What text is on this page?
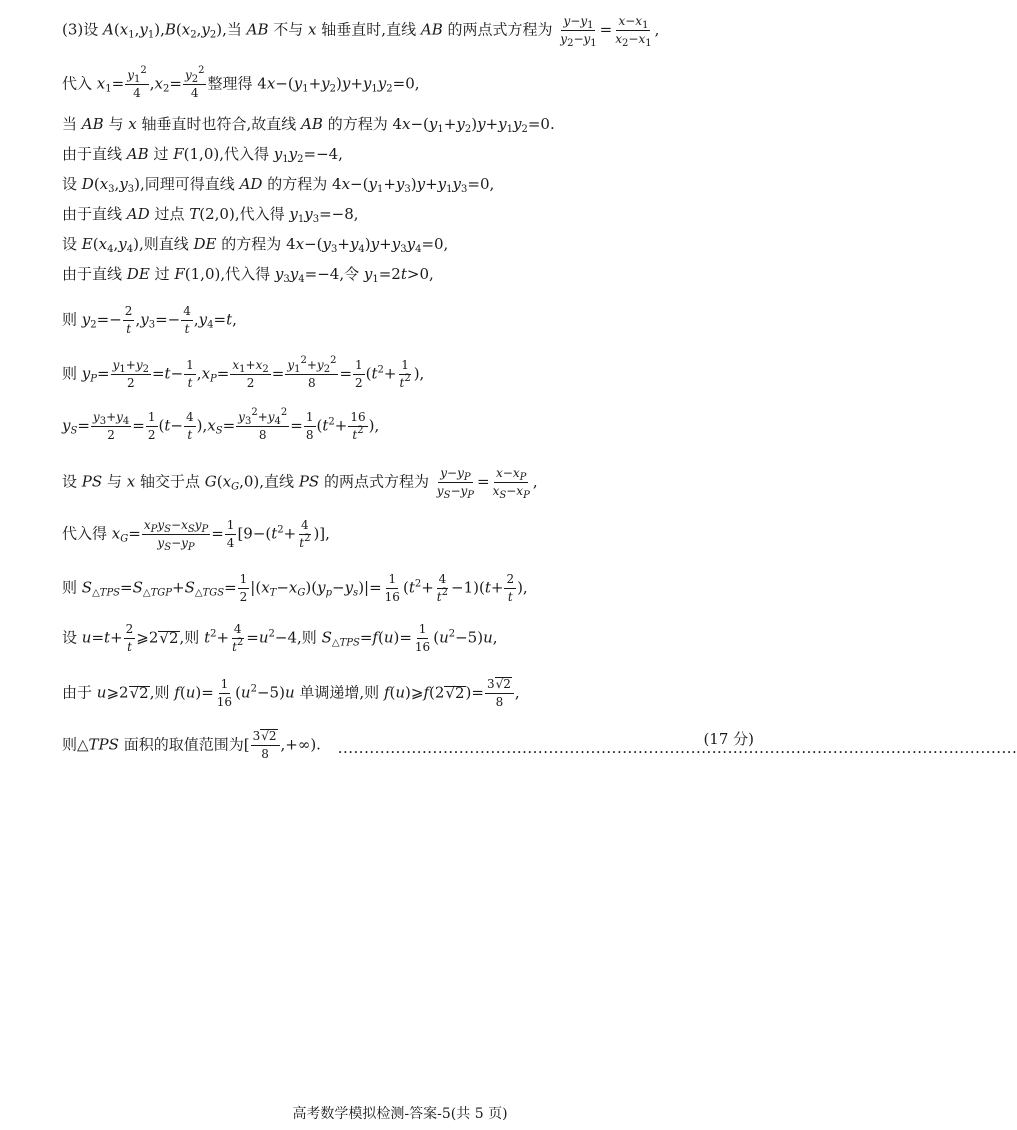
(3)设 $A(x_1,y_1),B(x_2,y_2)$,当 AB 不与 x 轴垂直时,直线 AB 的两点式方程为 $\frac{y-y_1}{y_2-y_1} = \frac{x-x_1}{x_2-x_1}$ ,
代入 $x_1= \frac{y_1^2}{4} ,x_2= \frac{y_2^2}{4}$ 整理得 $4x-(y_1+y_2)y+y_1y_2=0$,
当 AB 与 x 轴垂直时也符合,故直线 AB 的方程为 $4x-(y_1+y_2)y+y_1y_2=0$.
由于直线 AB 过 F(1,0),代入得 $y_1y_2=-4$,
设 $D(x_3,y_3)$,同理可得直线 AD 的方程为 $4x-(y_1+y_3)y+y_1y_3=0$,
由于直线 AD 过点 T(2,0),代入得 $y_1y_3=-8$,
设 $E(x_4,y_4)$,则直线 DE 的方程为 $4x-(y_3+y_4)y+y_3y_4=0$,
由于直线 DE 过 F(1,0),代入得 $y_3y_4=-4$,令 $y_1=2t>0$,
则 $y_2=- \frac{2}{t} ,y_3=- \frac{4}{t} ,y_4=t$,
则 $y_P= \frac{y_1+y_2}{2} =t- \frac{1}{t} ,x_P= \frac{x_1+x_2}{2} = \frac{y_1^2+y_2^2}{8} = \frac{1}{2} (t^2+ \frac{1}{t^2}$ ),
$y_S= \frac{y_3+y_4}{2} = \frac{1}{2} (t- \frac{4}{t} ),x_S= \frac{y_3^2+y_4^2}{8} = \frac{1}{8} (t^2+ \frac{16}{t^2}$ ),
设 PS 与 x 轴交于点 $G(x_G,0)$,直线 PS 的两点式方程为 $\frac{y-y_P}{y_S-y_P} = \frac{x-x_P}{x_S-x_P}$ ,
代入得 $x_G= \frac{x_Py_S-x_Sy_P}{y_S-y_P} = \frac{1}{4} [9-(t^2+ \frac{4}{t^2}$ )],
则 $S_{\triangle TPS}=S_{\triangle TGP}+S_{\triangle TGS}= \frac{1}{2} |(x_T-x_G)(y_p-y_s)|= \frac{1}{16} (t^2+ \frac{4}{t^2} -1)(t+ \frac{2}{t}$ ),
设 $u=t+ \frac{2}{t}$ ⩾2√2,则 $t^2+ \frac{4}{t^2} =u^2-4$,则 $S_{\triangle TPS}=f(u)= \frac{1}{16} (u^2-5)u$,
由于 u⩾2√2,则 $f(u)= \frac{1}{16} (u^2-5)u$ 单调递增,则 f(u)⩾f(2√2)= $\frac{3√2}{8}$ ,
则△TPS 面积的取值范围为[ $\frac{3√2}{8}$ ,+∞). ·································································································································
(17 分)
高考数学模拟检测-答案-5(共 5 页)
